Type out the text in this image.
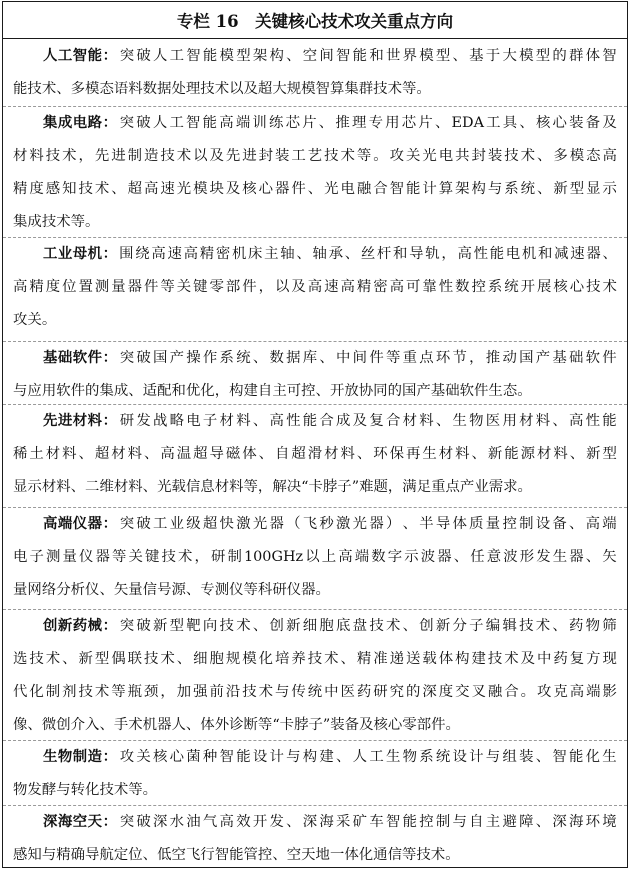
专栏 16　关键核心技术攻关重点方向
人工智能： 突 破 人 工 智 能 模 型 架 构 、 空 间 智 能 和 世 界 模 型 、 基 于 大 模 型 的 群 体 智
能 技 术 、 多 模 态 语 料 数 据 处 理 技 术 以 及 超 大 规 模 智 算 集 群 技 术 等 。
集成电路： 突 破 人 工 智 能 高 端 训 练 芯 片 、 推 理 专 用 芯 片 、 EDA 工 具 、 核 心 装 备 及
材 料 技 术 ， 先 进 制 造 技 术 以 及 先 进 封 装 工 艺 技 术 等 。 攻 关 光 电 共 封 装 技 术 、 多 模 态 高
精 度 感 知 技 术 、 超 高 速 光 模 块 及 核 心 器 件 、 光 电 融 合 智 能 计 算 架 构 与 系 统 、 新 型 显 示
集 成 技 术 等 。
工业母机： 围 绕 高 速 高 精 密 机 床 主 轴 、 轴 承 、 丝 杆 和 导 轨 ， 高 性 能 电 机 和 减 速 器 、
高 精 度 位 置 测 量 器 件 等 关 键 零 部 件 ， 以 及 高 速 高 精 密 高 可 靠 性 数 控 系 统 开 展 核 心 技 术
攻 关 。
基础软件： 突 破 国 产 操 作 系 统 、 数 据 库 、 中 间 件 等 重 点 环 节 ， 推 动 国 产 基 础 软 件
与 应 用 软 件 的 集 成 、 适 配 和 优 化 ， 构 建 自 主 可 控 、 开 放 协 同 的 国 产 基 础 软 件 生 态 。
先进材料： 研 发 战 略 电 子 材 料 、 高 性 能 合 成 及 复 合 材 料 、 生 物 医 用 材 料 、 高 性 能
稀 土 材 料 、 超 材 料 、 高 温 超 导 磁 体 、 自 超 滑 材 料 、 环 保 再 生 材 料 、 新 能 源 材 料 、 新 型
显 示 材 料 、 二 维 材 料 、 光 载 信 息 材 料 等 ， 解 决 “ 卡 脖 子 ” 难 题 ， 满 足 重 点 产 业 需 求 。
高端仪器： 突 破 工 业 级 超 快 激 光 器 （ 飞 秒 激 光 器 ） 、 半 导 体 质 量 控 制 设 备 、 高 端
电 子 测 量 仪 器 等 关 键 技 术 ， 研 制 100GHz 以 上 高 端 数 字 示 波 器 、 任 意 波 形 发 生 器 、 矢
量 网 络 分 析 仪 、 矢 量 信 号 源 、 专 测 仪 等 科 研 仪 器 。
创新药械： 突 破 新 型 靶 向 技 术 、 创 新 细 胞 底 盘 技 术 、 创 新 分 子 编 辑 技 术 、 药 物 筛
选 技 术 、 新 型 偶 联 技 术 、 细 胞 规 模 化 培 养 技 术 、 精 准 递 送 载 体 构 建 技 术 及 中 药 复 方 现
代 化 制 剂 技 术 等 瓶 颈 ， 加 强 前 沿 技 术 与 传 统 中 医 药 研 究 的 深 度 交 叉 融 合 。 攻 克 高 端 影
像 、 微 创 介 入 、 手 术 机 器 人 、 体 外 诊 断 等 “ 卡 脖 子 ” 装 备 及 核 心 零 部 件 。
生物制造： 攻 关 核 心 菌 种 智 能 设 计 与 构 建 、 人 工 生 物 系 统 设 计 与 组 装 、 智 能 化 生
物 发 酵 与 转 化 技 术 等 。
深海空天： 突 破 深 水 油 气 高 效 开 发 、 深 海 采 矿 车 智 能 控 制 与 自 主 避 障 、 深 海 环 境
感 知 与 精 确 导 航 定 位 、 低 空 飞 行 智 能 管 控 、 空 天 地 一 体 化 通 信 等 技 术 。
